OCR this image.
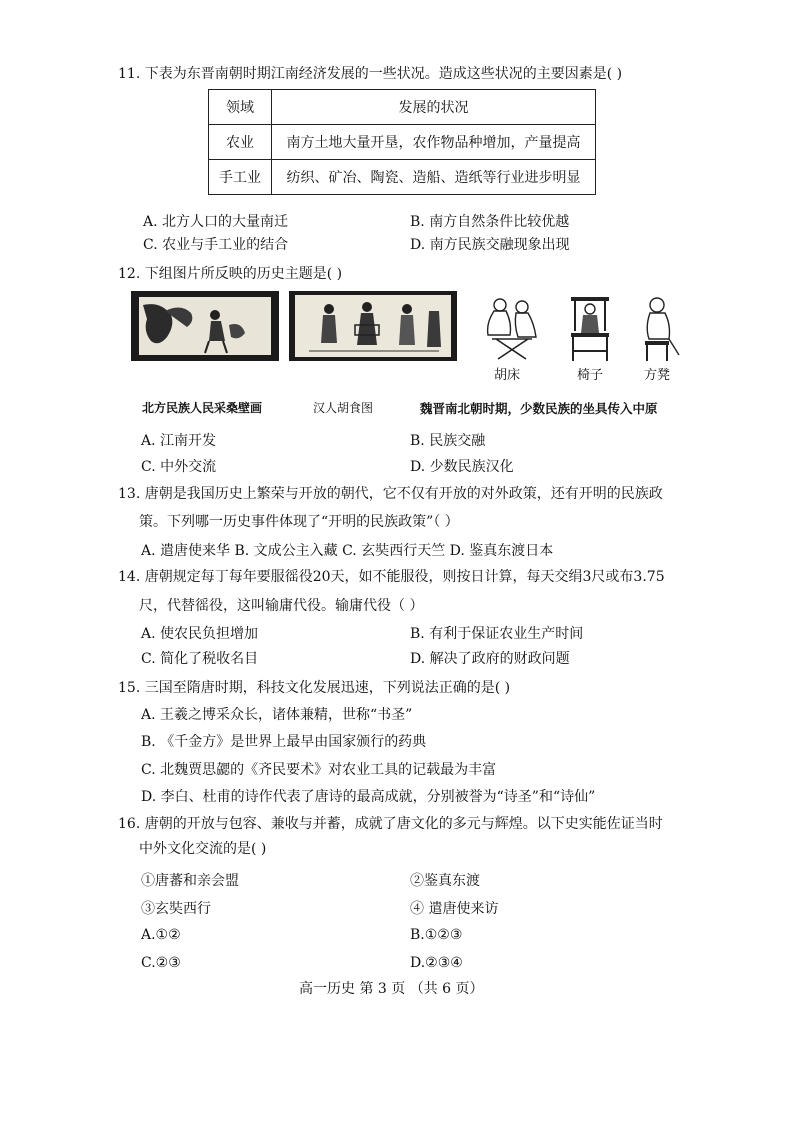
11. 下表为东晋南朝时期江南经济发展的一些状况。造成这些状况的主要因素是( )
领域	发展的状况
农业	南方土地大量开垦，农作物品种增加，产量提高
手工业	纺织、矿冶、陶瓷、造船、造纸等行业进步明显
A. 北方人口的大量南迁	B. 南方自然条件比较优越
C. 农业与手工业的结合	D. 南方民族交融现象出现
12. 下组图片所反映的历史主题是( )
胡床	椅子	方凳
北方民族人民采桑壁画	汉人胡食图	魏晋南北朝时期，少数民族的坐具传入中原
A. 江南开发	B. 民族交融
C. 中外交流	D. 少数民族汉化
13. 唐朝是我国历史上繁荣与开放的朝代，它不仅有开放的对外政策，还有开明的民族政
策。下列哪一历史事件体现了“开明的民族政策”（ ）
A. 遣唐使来华 B. 文成公主入藏 C. 玄奘西行天竺 D. 鉴真东渡日本
14. 唐朝规定每丁每年要服徭役20天，如不能服役，则按日计算，每天交绢3尺或布3.75
尺，代替徭役，这叫输庸代役。输庸代役（ ）
A. 使农民负担增加	B. 有利于保证农业生产时间
C. 简化了税收名目	D. 解决了政府的财政问题
15. 三国至隋唐时期，科技文化发展迅速，下列说法正确的是( )
A. 王羲之博采众长，诸体兼精，世称“书圣”
B. 《千金方》是世界上最早由国家颁行的药典
C. 北魏贾思勰的《齐民要术》对农业工具的记载最为丰富
D. 李白、杜甫的诗作代表了唐诗的最高成就，分别被誉为“诗圣”和“诗仙”
16. 唐朝的开放与包容、兼收与并蓄，成就了唐文化的多元与辉煌。以下史实能佐证当时
中外文化交流的是( )
①唐蕃和亲会盟	②鉴真东渡
③玄奘西行	④ 遣唐使来访
A.①②	B.①②③
C.②③	D.②③④
高一历史 第 3 页 （共 6 页）
